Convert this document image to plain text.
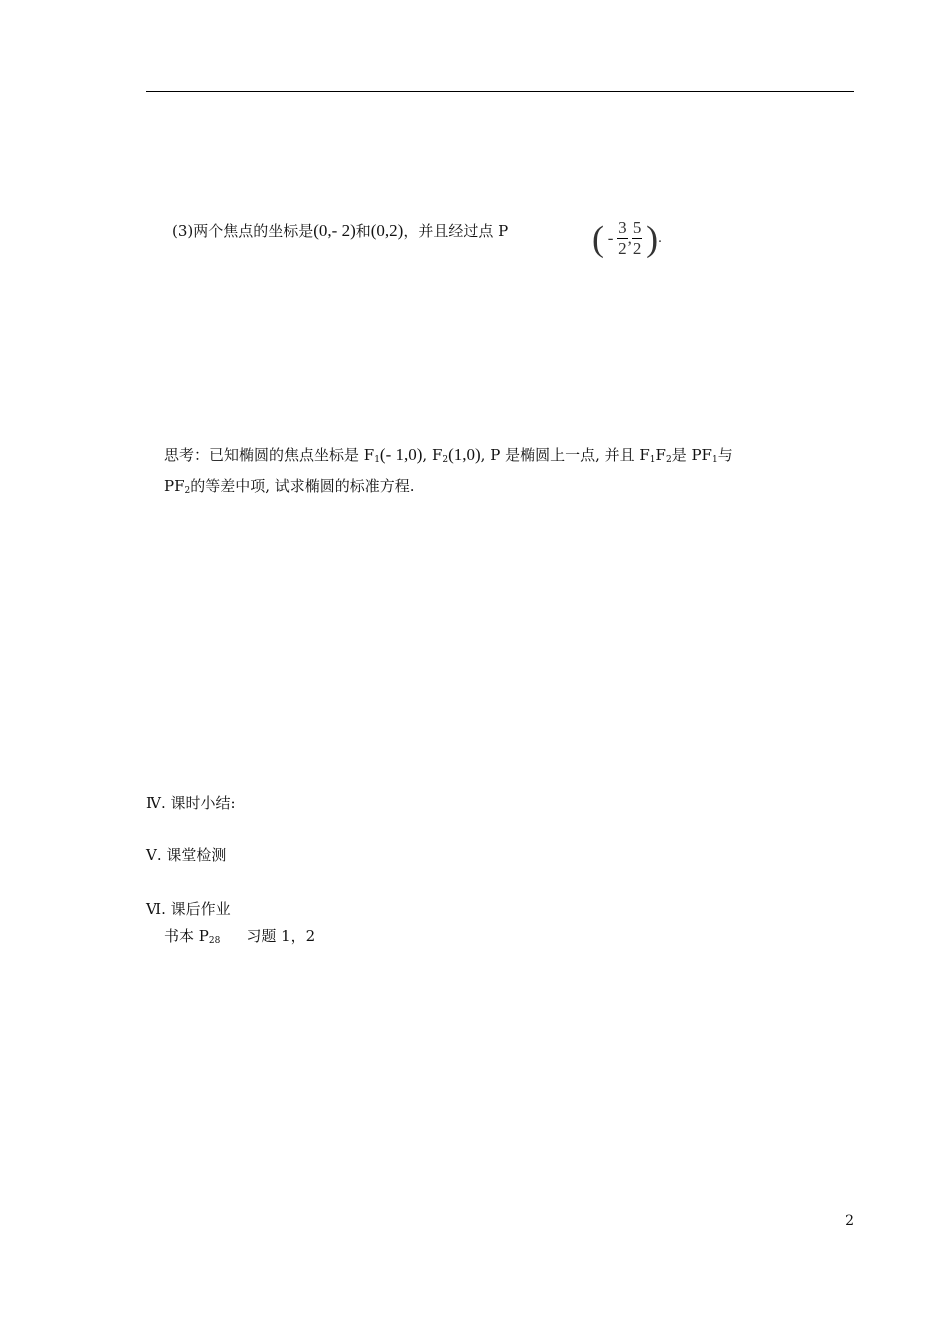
(3)两个焦点的坐标是(0,- 2)和(0,2)，并且经过点 P ( - $\frac{3}{2}$ , $\frac{5}{2}$ ).
思考：已知椭圆的焦点坐标是 $F_1(-$ 1,0), $F_2(1,0)$, P 是椭圆上一点, 并且 $F_1F_2$是 $PF_1$与
$PF_2$的等差中项, 试求椭圆的标准方程.
Ⅳ. 课时小结:
Ⅴ. 课堂检测
Ⅵ. 课后作业
书本 $P_{28}$ 习题 1，2
2
